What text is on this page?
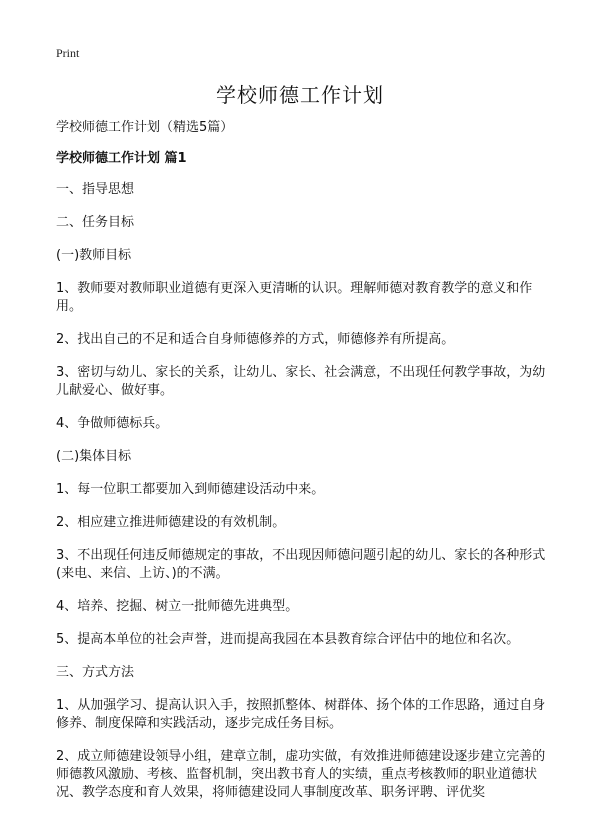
Print
学校师德工作计划

学校师德工作计划（精选5篇）

学校师德工作计划 篇1

一、指导思想

二、任务目标

(一)教师目标

1、教师要对教师职业道德有更深入更清晰的认识。理解师德对教育教学的意义和作用。

2、找出自己的不足和适合自身师德修养的方式，师德修养有所提高。

3、密切与幼儿、家长的关系，让幼儿、家长、社会满意，不出现任何教学事故，为幼儿献爱心、做好事。

4、争做师德标兵。

(二)集体目标

1、每一位职工都要加入到师德建设活动中来。

2、相应建立推进师德建设的有效机制。

3、不出现任何违反师德规定的事故，不出现因师德问题引起的幼儿、家长的各种形式(来电、来信、上访、)的不满。

4、培养、挖掘、树立一批师德先进典型。

5、提高本单位的社会声誉，进而提高我园在本县教育综合评估中的地位和名次。

三、方式方法

1、从加强学习、提高认识入手，按照抓整体、树群体、扬个体的工作思路，通过自身修养、制度保障和实践活动，逐步完成任务目标。

2、成立师德建设领导小组，建章立制，虚功实做，有效推进师德建设逐步建立完善的师德教风激励、考核、监督机制，突出教书育人的实绩，重点考核教师的职业道德状况、教学态度和育人效果，将师德建设同人事制度改革、职务评聘、评优奖
